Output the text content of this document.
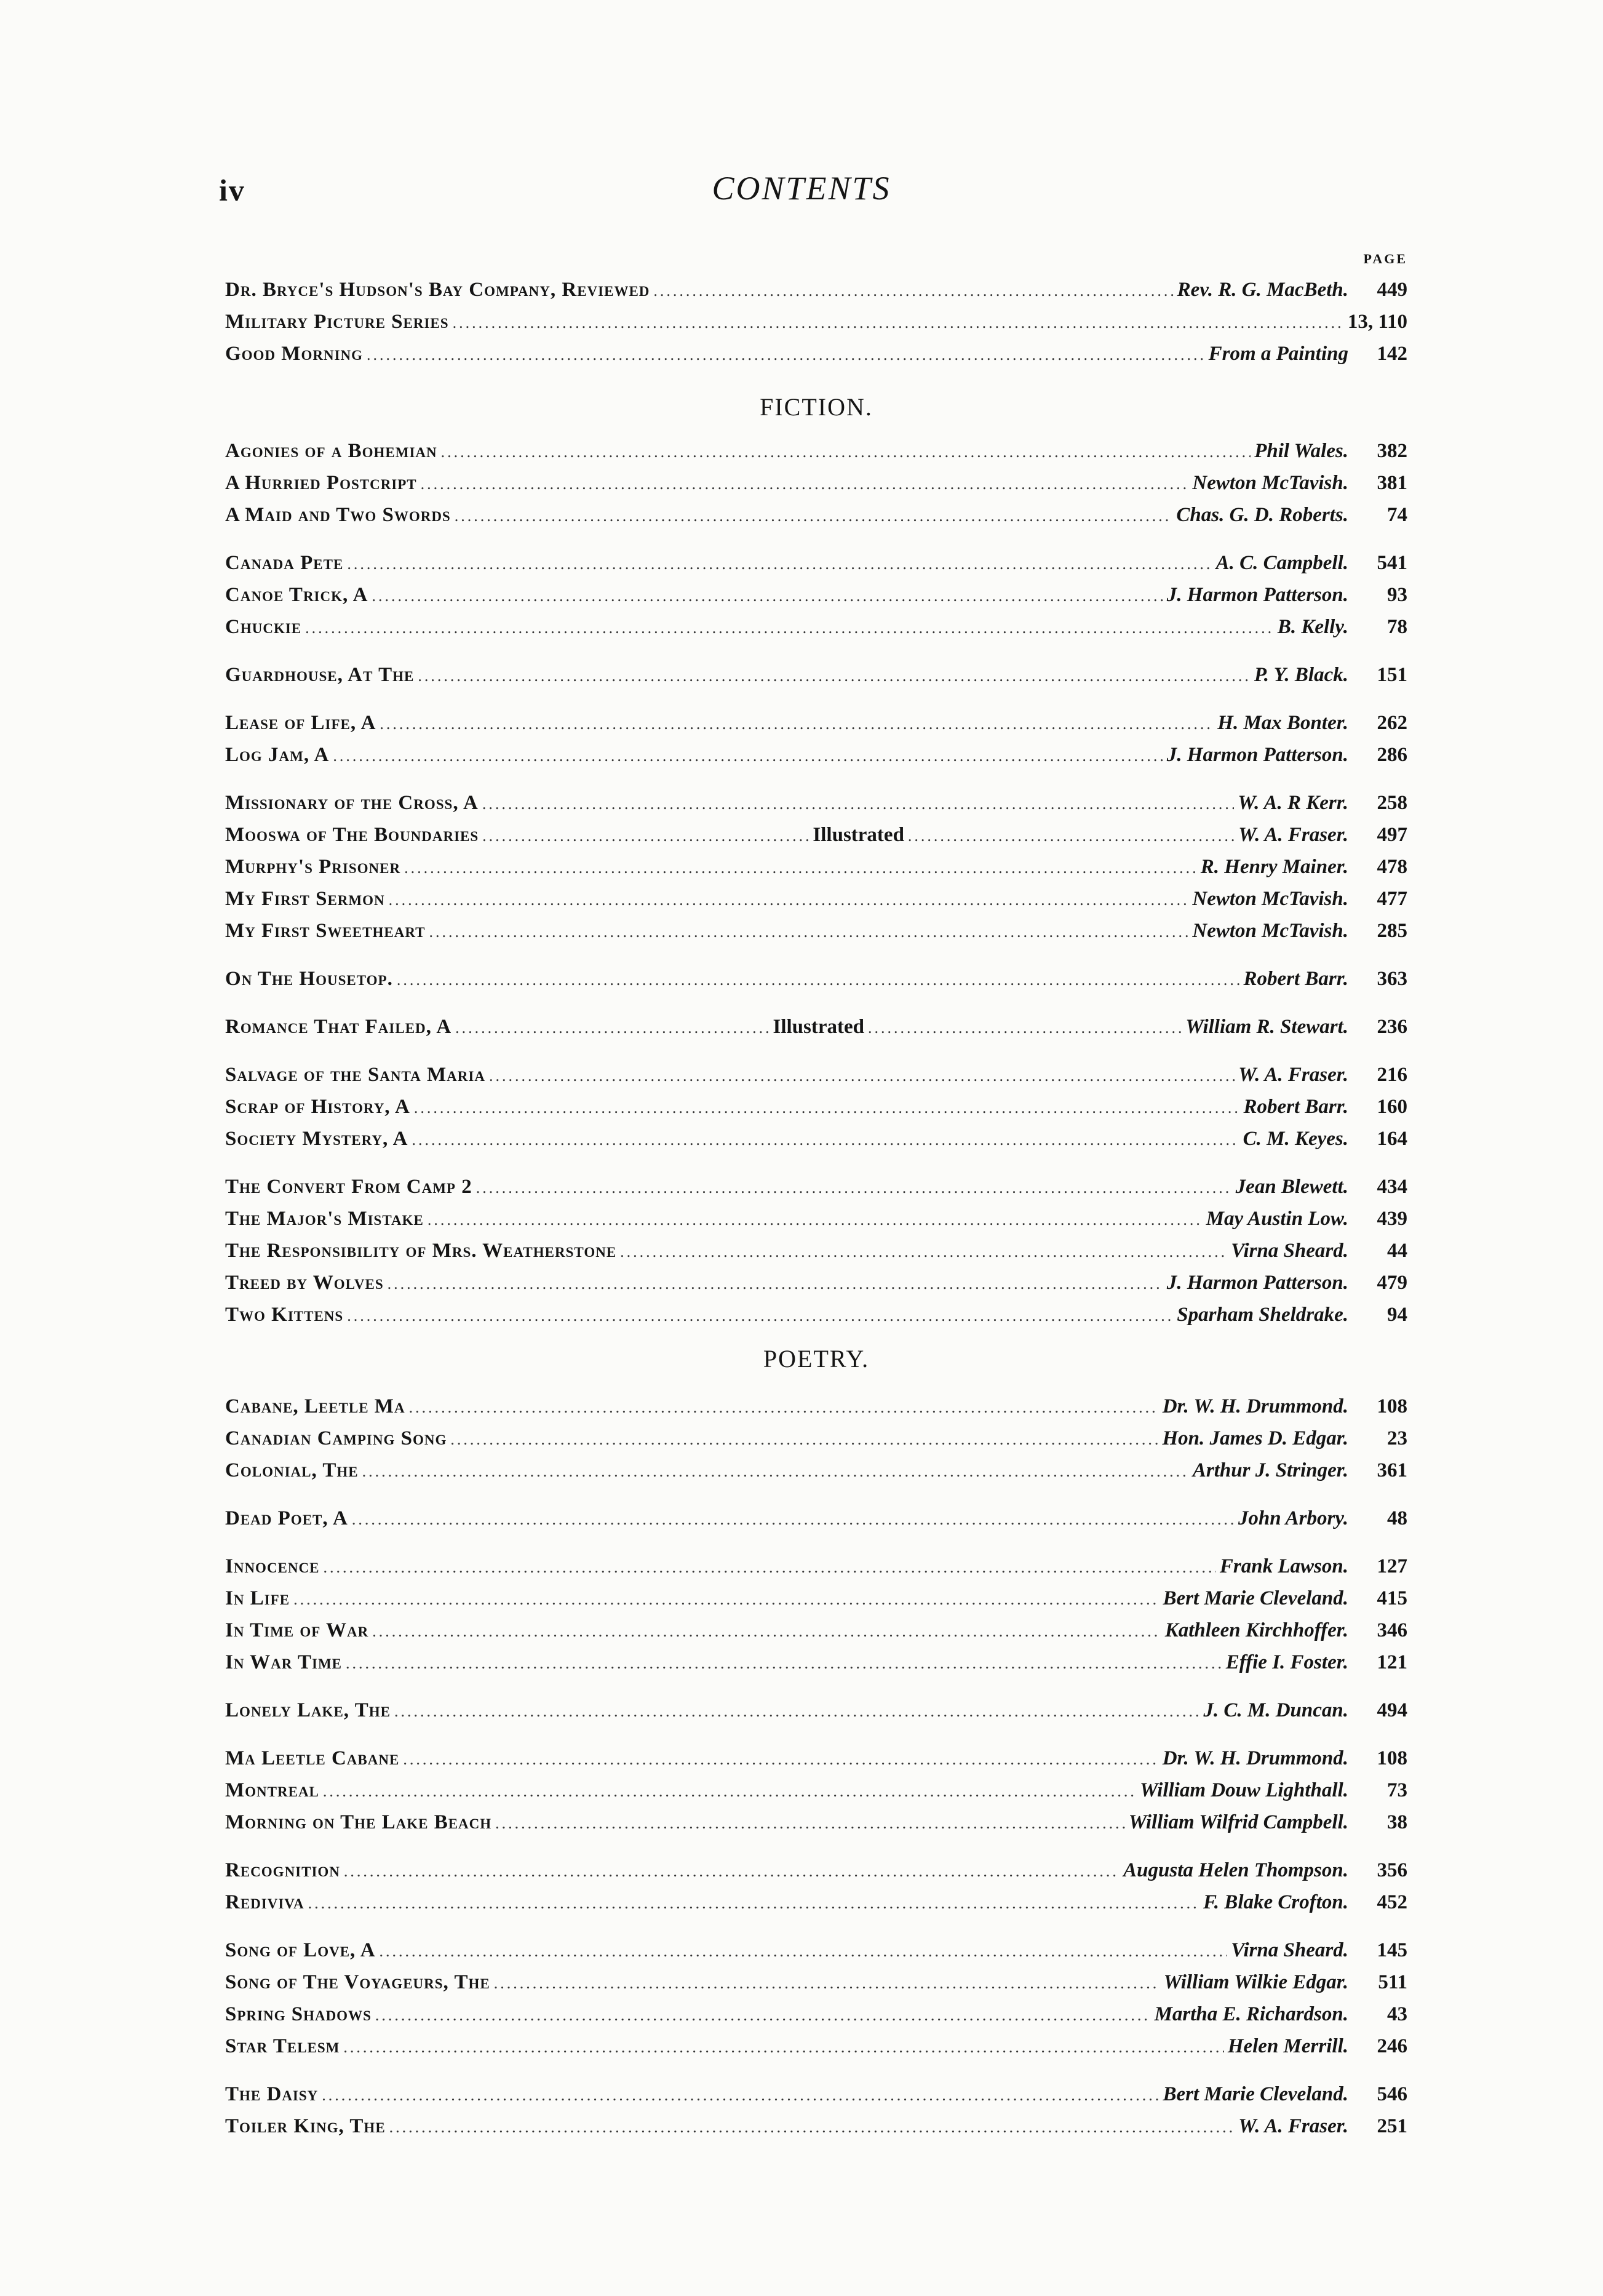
iv	CONTENTS
PAGE
Dr. Bryce's Hudson's Bay Company, Reviewed .....	Rev. R. G. MacBeth.	449
Military Picture Series .....	13, 110
Good Morning .....	From a Painting	142
FICTION.
Agonies of a Bohemian .....	Phil Wales.	382
A Hurried Postcript .....	Newton McTavish.	381
A Maid and Two Swords .....	Chas. G. D. Roberts.	74
Canada Pete .....	A. C. Campbell.	541
Canoe Trick, A .....	J. Harmon Patterson.	93
Chuckie .....	B. Kelly.	78
Guardhouse, At The .....	P. Y. Black.	151
Lease of Life, A .....	H. Max Bonter.	262
Log Jam, A .....	J. Harmon Patterson.	286
Missionary of the Cross, A .....	W. A. R Kerr.	258
Mooswa of The Boundaries .....	Illustrated .....	W. A. Fraser.	497
Murphy's Prisoner .....	R. Henry Mainer.	478
My First Sermon .....	Newton McTavish.	477
My First Sweetheart .....	Newton McTavish.	285
On The Housetop. .....	Robert Barr.	363
Romance That Failed, A .....	Illustrated .....	William R. Stewart.	236
Salvage of the Santa Maria .....	W. A. Fraser.	216
Scrap of History, A .....	Robert Barr.	160
Society Mystery, A .....	C. M. Keyes.	164
The Convert From Camp 2 .....	Jean Blewett.	434
The Major's Mistake .....	May Austin Low.	439
The Responsibility of Mrs. Weatherstone .....	Virna Sheard.	44
Treed by Wolves .....	J. Harmon Patterson.	479
Two Kittens .....	Sparham Sheldrake.	94
POETRY.
Cabane, Leetle Ma .....	Dr. W. H. Drummond.	108
Canadian Camping Song .....	Hon. James D. Edgar.	23
Colonial, The .....	Arthur J. Stringer.	361
Dead Poet, A .....	John Arbory.	48
Innocence .....	Frank Lawson.	127
In Life .....	Bert Marie Cleveland.	415
In Time of War .....	Kathleen Kirchhoffer.	346
In War Time .....	Effie I. Foster.	121
Lonely Lake, The .....	J. C. M. Duncan.	494
Ma Leetle Cabane .....	Dr. W. H. Drummond.	108
Montreal .....	William Douw Lighthall.	73
Morning on The Lake Beach .....	William Wilfrid Campbell.	38
Recognition .....	Augusta Helen Thompson.	356
Rediviva .....	F. Blake Crofton.	452
Song of Love, A .....	Virna Sheard.	145
Song of The Voyageurs, The .....	William Wilkie Edgar.	511
Spring Shadows .....	Martha E. Richardson.	43
Star Telesm .....	Helen Merrill.	246
The Daisy .....	Bert Marie Cleveland.	546
Toiler King, The .....	W. A. Fraser.	251
